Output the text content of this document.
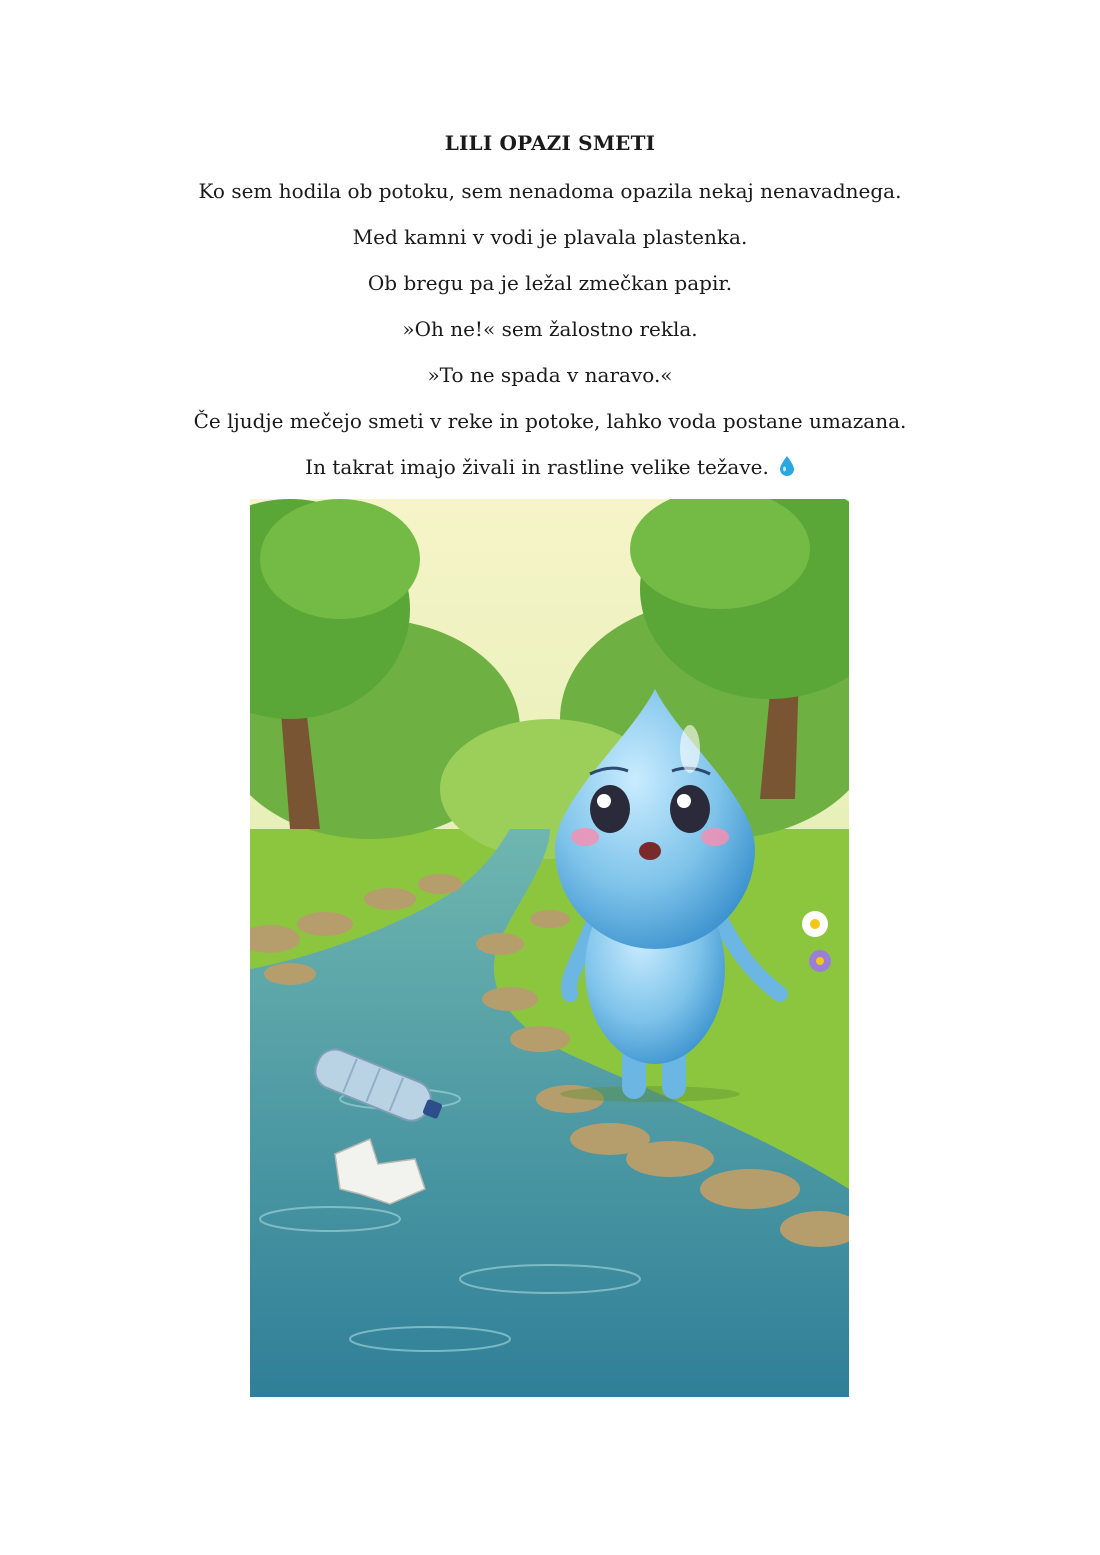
LILI OPAZI SMETI
Ko sem hodila ob potoku, sem nenadoma opazila nekaj nenavadnega.
Med kamni v vodi je plavala plastenka.
Ob bregu pa je ležal zmečkan papir.
»Oh ne!« sem žalostno rekla.
»To ne spada v naravo.«
Če ljudje mečejo smeti v reke in potoke, lahko voda postane umazana.
In takrat imajo živali in rastline velike težave.
